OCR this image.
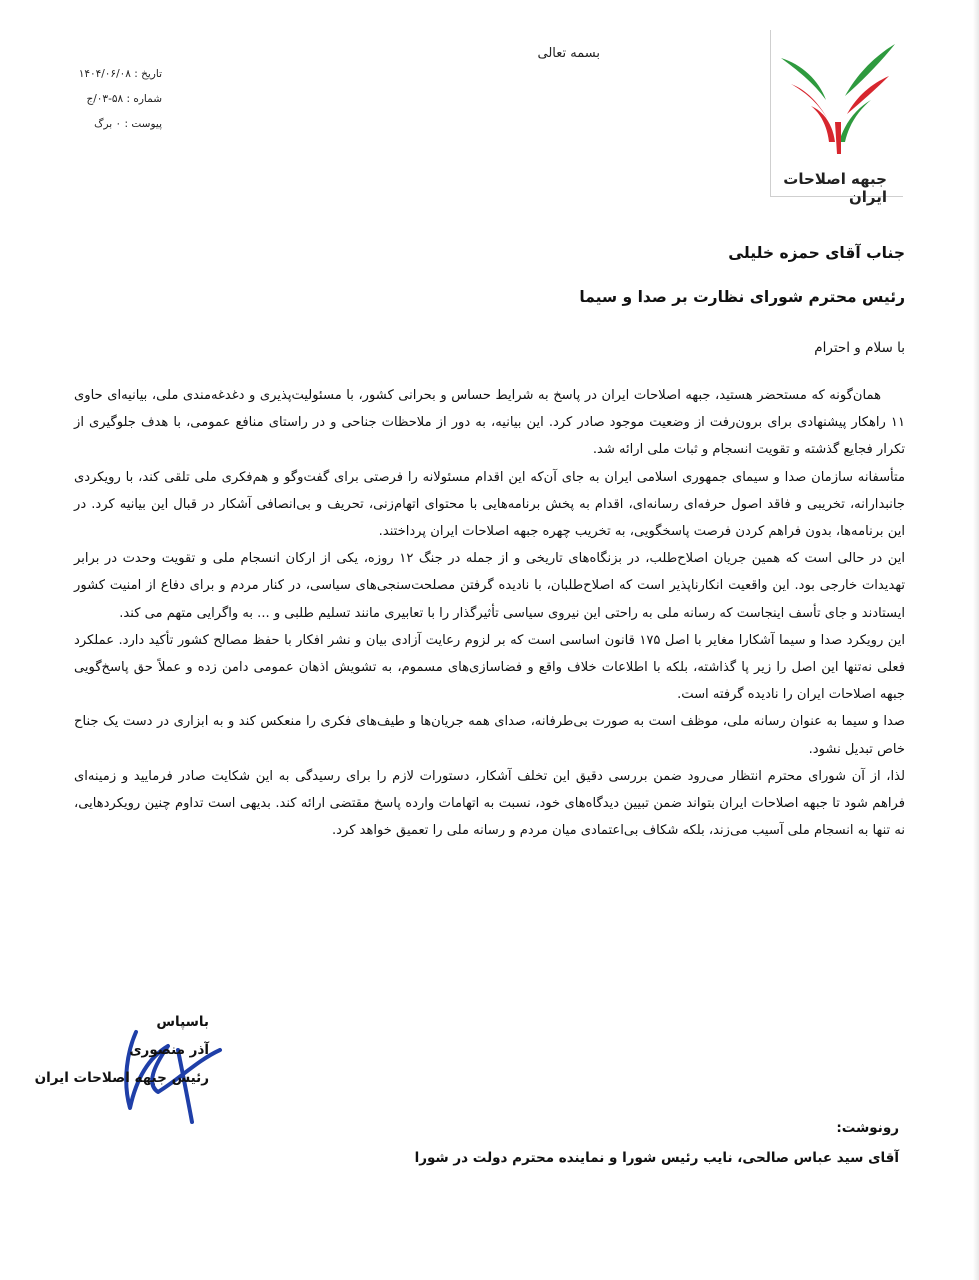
جبهه اصلاحات ایران
بسمه تعالی
تاریخ : ۱۴۰۴/۰۶/۰۸
شماره : ۵۸-۰۳/ج
پیوست : ۰ برگ
جناب آقای حمزه خلیلی
رئیس محترم شورای نظارت بر صدا و سیما
با سلام و احترام

همان‌گونه که مستحضر هستید، جبهه اصلاحات ایران در پاسخ به شرایط حساس و بحرانی کشور، با مسئولیت‌پذیری و دغدغه‌مندی ملی، بیانیه‌ای حاوی ۱۱ راهکار پیشنهادی برای برون‌رفت از وضعیت موجود صادر کرد. این بیانیه، به دور از ملاحظات جناحی و در راستای منافع عمومی، با هدف جلوگیری از تکرار فجایع گذشته و تقویت انسجام و ثبات ملی ارائه شد.

متأسفانه سازمان صدا و سیمای جمهوری اسلامی ایران به جای آن‌که این اقدام مسئولانه را فرصتی برای گفت‌وگو و هم‌فکری ملی تلقی کند، با رویکردی جانبدارانه، تخریبی و فاقد اصول حرفه‌ای رسانه‌ای، اقدام به پخش برنامه‌هایی با محتوای اتهام‌زنی، تحریف و بی‌انصافی آشکار در قبال این بیانیه کرد. در این برنامه‌ها، بدون فراهم کردن فرصت پاسخگویی، به تخریب چهره جبهه اصلاحات ایران پرداختند.

این در حالی است که همین جریان اصلاح‌طلب، در بزنگاه‌های تاریخی و از جمله در جنگ ۱۲ روزه، یکی از ارکان انسجام ملی و تقویت وحدت در برابر تهدیدات خارجی بود. این واقعیت انکارناپذیر است که اصلاح‌طلبان، با نادیده گرفتن مصلحت‌سنجی‌های سیاسی، در کنار مردم و برای دفاع از امنیت کشور ایستادند و جای تأسف اینجاست که رسانه ملی به راحتی این نیروی سیاسی تأثیرگذار را با تعابیری مانند تسلیم طلبی و ... به واگرایی متهم می کند.

این رویکرد صدا و سیما آشکارا مغایر با اصل ۱۷۵ قانون اساسی است که بر لزوم رعایت آزادی بیان و نشر افکار با حفظ مصالح کشور تأکید دارد. عملکرد فعلی نه‌تنها این اصل را زیر پا گذاشته، بلکه با اطلاعات خلاف واقع و فضاسازی‌های مسموم، به تشویش اذهان عمومی دامن زده و عملاً حق پاسخ‌گویی جبهه اصلاحات ایران را نادیده گرفته است.

صدا و سیما به عنوان رسانه ملی، موظف است به صورت بی‌طرفانه، صدای همه جریان‌ها و طیف‌های فکری را منعکس کند و به ابزاری در دست یک جناح خاص تبدیل نشود.

لذا، از آن شورای محترم انتظار می‌رود ضمن بررسی دقیق این تخلف آشکار، دستورات لازم را برای رسیدگی به این شکایت صادر فرمایید و زمینه‌ای فراهم شود تا جبهه اصلاحات ایران بتواند ضمن تبیین دیدگاه‌های خود، نسبت به اتهامات وارده پاسخ مقتضی ارائه کند. بدیهی است تداوم چنین رویکردهایی، نه تنها به انسجام ملی آسیب می‌زند، بلکه شکاف بی‌اعتمادی میان مردم و رسانه ملی را تعمیق خواهد کرد.

باسپاس
آذر منصوری
رئیس جبهه اصلاحات ایران
رونوشت:
آقای سید عباس صالحی، نایب رئیس شورا و نماینده محترم دولت در شورا
